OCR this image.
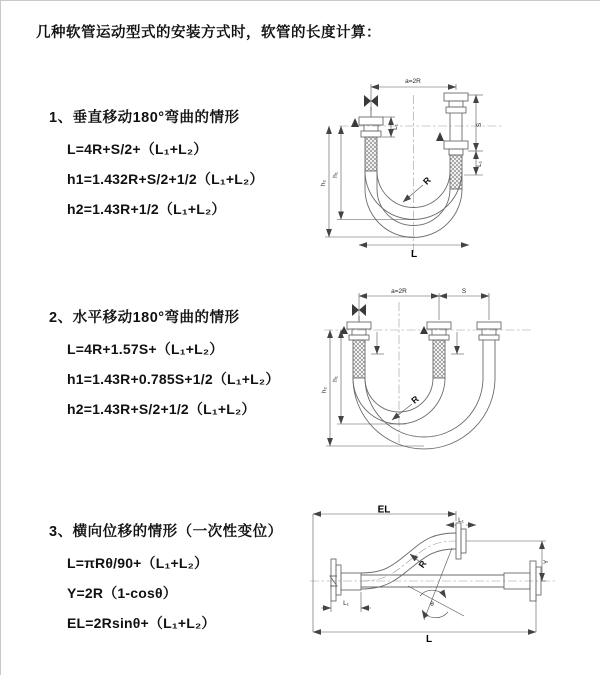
几种软管运动型式的安装方式时，软管的长度计算：
1、垂直移动180°弯曲的情形
L=4R+S/2+（L₁+L₂）
h1=1.432R+S/2+1/2（L₁+L₂）
h2=1.43R+1/2（L₁+L₂）
2、水平移动180°弯曲的情形
L=4R+1.57S+（L₁+L₂）
h1=1.43R+0.785S+1/2（L₁+L₂）
h2=1.43R+S/2+1/2（L₁+L₂）
3、横向位移的情形（一次性变位）
L=πRθ/90+（L₁+L₂）
Y=2R（1-cosθ）
EL=2Rsinθ+（L₁+L₂）
a=2R
S
L₁
L₁
h₂
h₁
L
R
a=2R	S
h₂
h₁
R
θ
R
EL
L₁
L₁
Y
L
